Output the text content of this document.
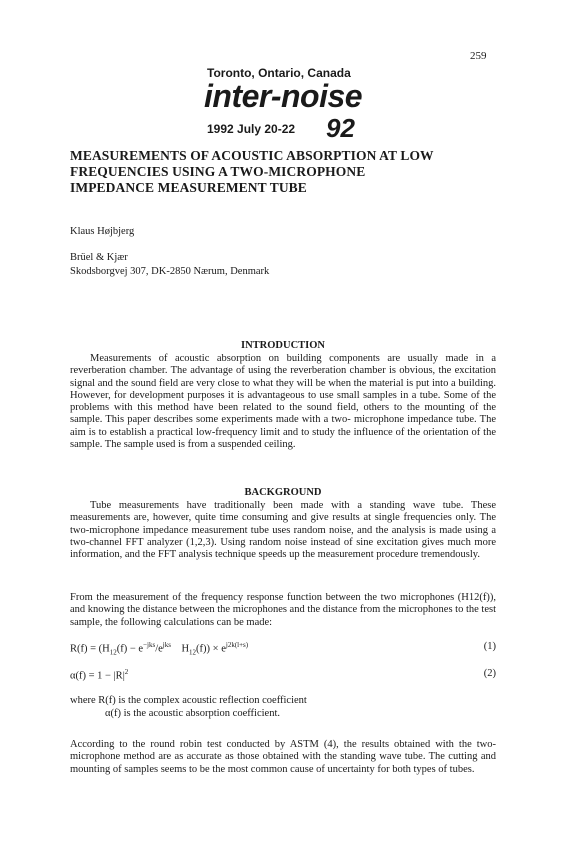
259
Toronto, Ontario, Canada
inter-noise
1992 July 20-22 92
MEASUREMENTS OF ACOUSTIC ABSORPTION AT LOW
FREQUENCIES USING A TWO-MICROPHONE
IMPEDANCE MEASUREMENT TUBE
Klaus Højbjerg
Brüel & Kjær
Skodsborgvej 307, DK-2850 Nærum, Denmark
INTRODUCTION
Measurements of acoustic absorption on building components are usually made in a reverberation chamber. The advantage of using the reverberation chamber is obvious, the excitation signal and the sound field are very close to what they will be when the material is put into a building. However, for development purposes it is advantageous to use small samples in a tube. Some of the problems with this method have been related to the sound field, others to the mounting of the sample. This paper describes some experiments made with a two- microphone impedance tube. The aim is to establish a practical low-frequency limit and to study the influence of the orientation of the sample. The sample used is from a suspended ceiling.
BACKGROUND
Tube measurements have traditionally been made with a standing wave tube. These measurements are, however, quite time consuming and give results at single frequencies only. The two-microphone impedance measurement tube uses random noise, and the analysis is made using a two-channel FFT analyzer (1,2,3). Using random noise instead of sine excitation gives much more information, and the FFT analysis technique speeds up the measurement procedure tremendously.
From the measurement of the frequency response function between the two microphones (H12(f)), and knowing the distance between the microphones and the distance from the microphones to the test sample, the following calculations can be made:
$R(f) = (H_{12}(f) - e^{-jks}/e^{jks}$    $H_{12}(f)) \times e^{j2k(l+s)}$	(1)
$\alpha(f) = 1 - |R|^2$	(2)
where R(f) is the complex acoustic reflection coefficient
α(f) is the acoustic absorption coefficient.
According to the round robin test conducted by ASTM (4), the results obtained with the two-microphone method are as accurate as those obtained with the standing wave tube. The cutting and mounting of samples seems to be the most common cause of uncertainty for both types of tubes.
